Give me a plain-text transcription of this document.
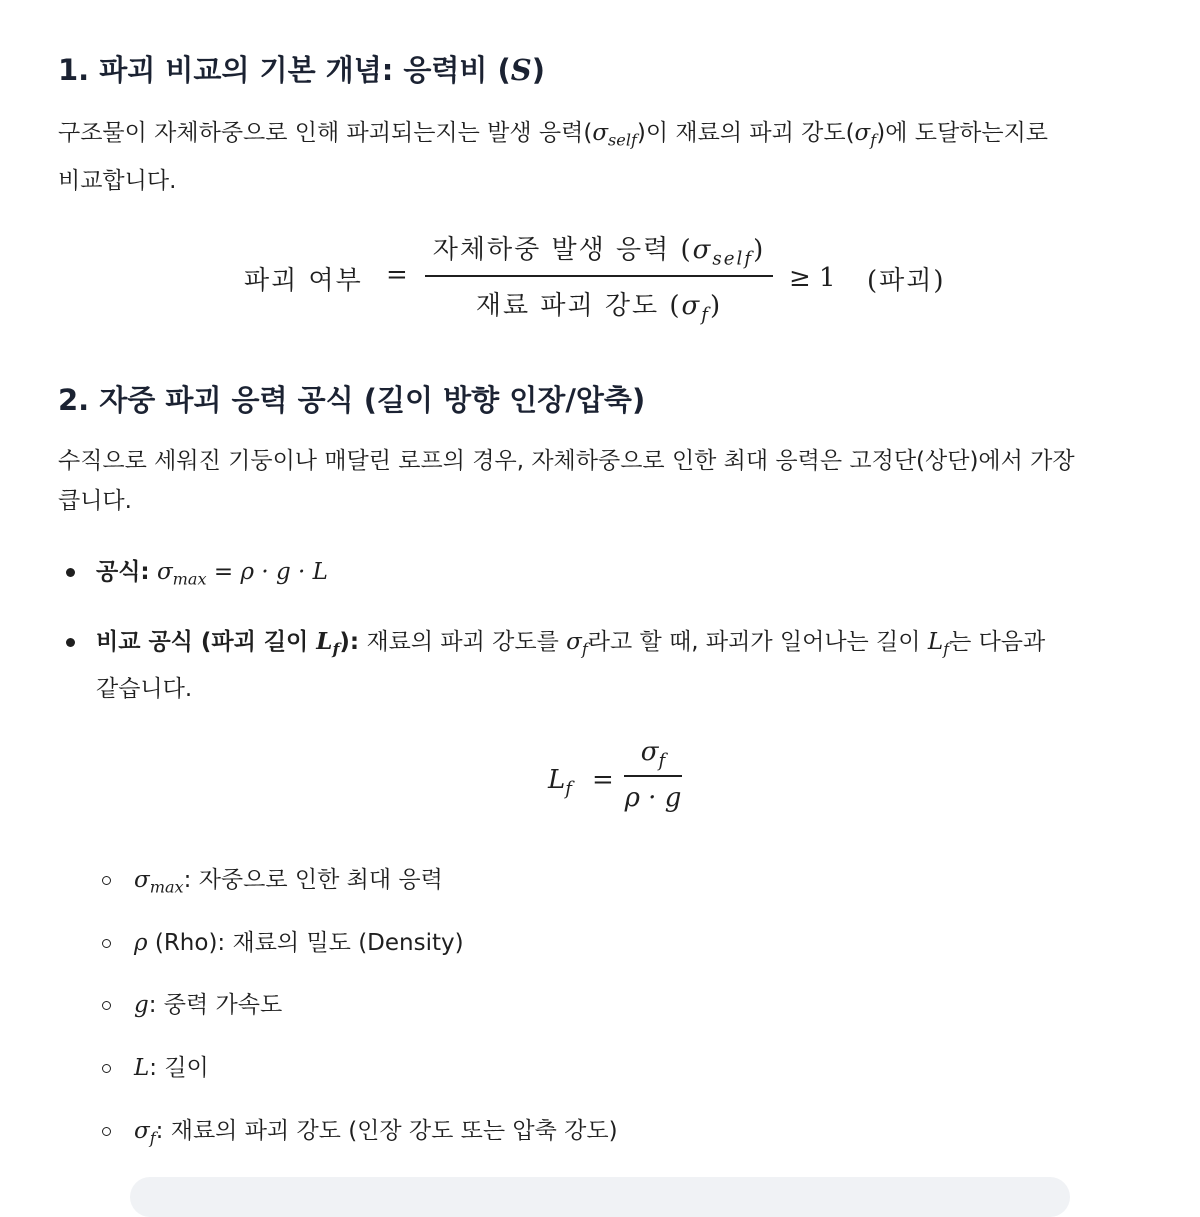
1. 파괴 비교의 기본 개념: 응력비 (S)
구조물이 자체하중으로 인해 파괴되는지는 발생 응력$(\sigma_{self})$이 재료의 파괴 강도$(\sigma_f)$에 도달하는지로
비교합니다.
파괴 여부 =
자체하중 발생 응력 $(\sigma_{self})$
재료 파괴 강도 $(\sigma_f)$
≥ 1 (파괴)
2. 자중 파괴 응력 공식 (길이 방향 인장/압축)
수직으로 세워진 기둥이나 매달린 로프의 경우, 자체하중으로 인한 최대 응력은 고정단(상단)에서 가장
큽니다.
공식: $\sigma_{max} = \rho \cdot g \cdot L$
비교 공식 (파괴 길이 $L_f$): 재료의 파괴 강도를 $\sigma_f$라고 할 때, 파괴가 일어나는 길이 $L_f$는 다음과
같습니다.
$L_f$ =
$\sigma_f$
ρ · g
$\sigma_{max}$: 자중으로 인한 최대 응력
ρ (Rho): 재료의 밀도 (Density)
g: 중력 가속도
L: 길이
$\sigma_f$: 재료의 파괴 강도 (인장 강도 또는 압축 강도)
